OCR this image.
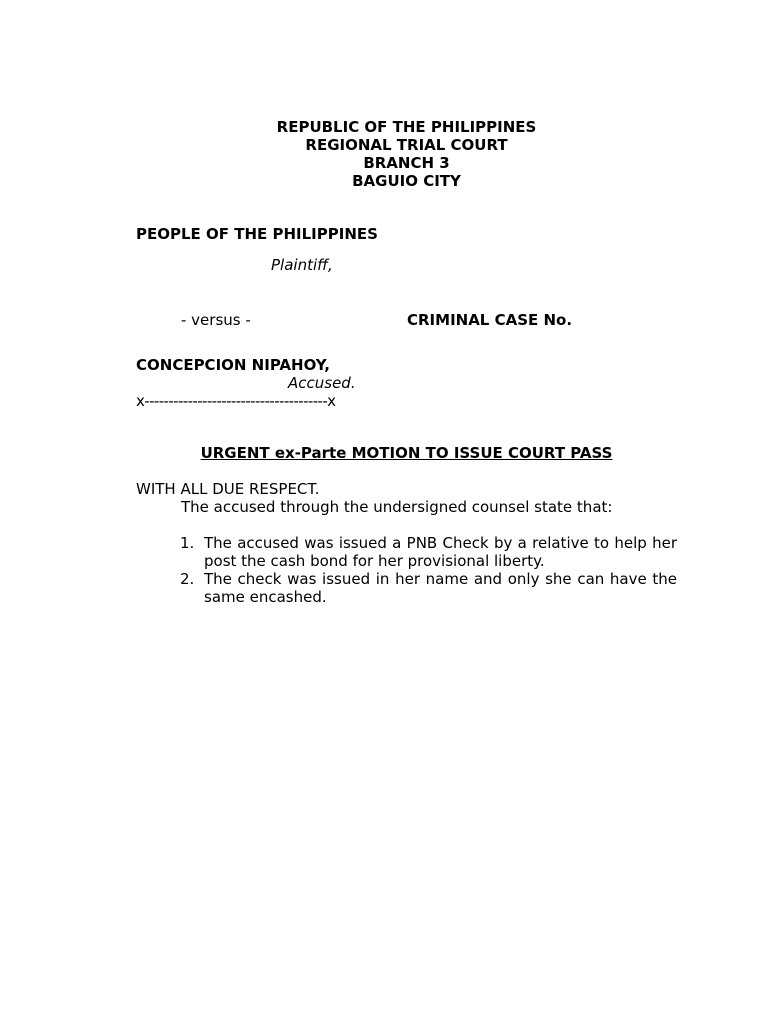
REPUBLIC OF THE PHILIPPINES
REGIONAL TRIAL COURT
BRANCH 3
BAGUIO CITY
PEOPLE OF THE PHILIPPINES
Plaintiff,
- versus -	CRIMINAL CASE No.
CONCEPCION NIPAHOY,
Accused.
x--------------------------------------x
URGENT ex-Parte MOTION TO ISSUE COURT PASS

WITH ALL DUE RESPECT.

The accused through the undersigned counsel state that:

1. The accused was issued a PNB Check by a relative to help her post the cash bond for her provisional liberty.
2. The check was issued in her name and only she can have the same encashed.
